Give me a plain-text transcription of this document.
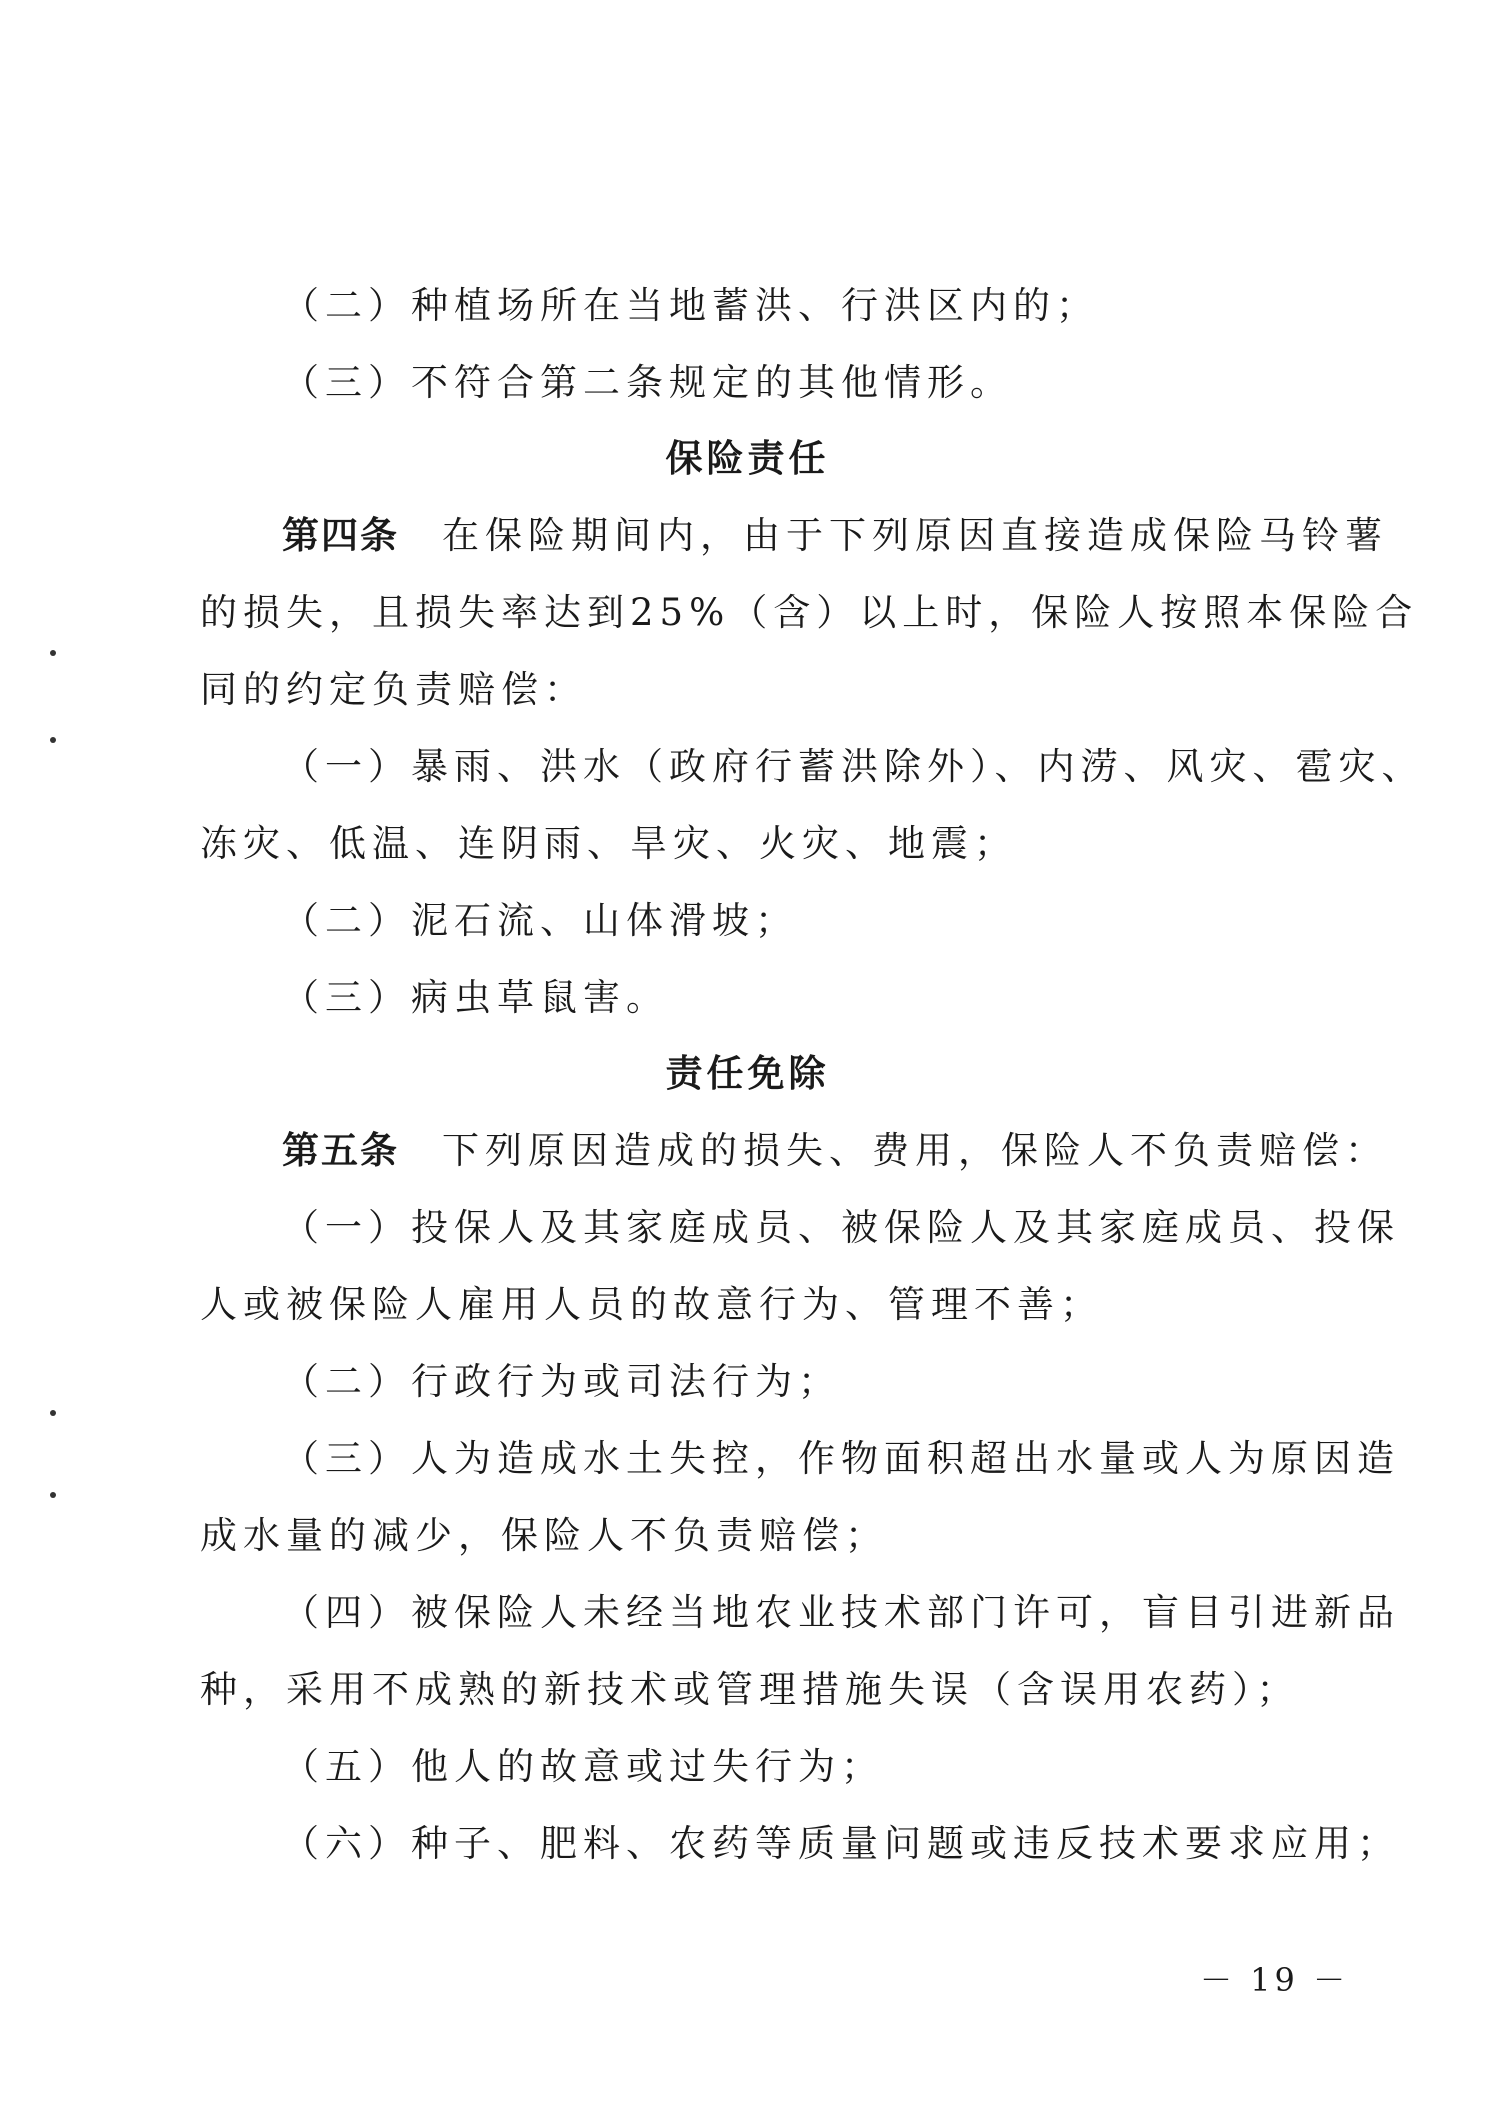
（二）种植场所在当地蓄洪、行洪区内的；
（三）不符合第二条规定的其他情形。
保险责任
第四条　在保险期间内，由于下列原因直接造成保险马铃薯
的损失，且损失率达到25%（含）以上时，保险人按照本保险合
同的约定负责赔偿：
（一）暴雨、洪水（政府行蓄洪除外）、内涝、风灾、雹灾、
冻灾、低温、连阴雨、旱灾、火灾、地震；
（二）泥石流、山体滑坡；
（三）病虫草鼠害。
责任免除
第五条　下列原因造成的损失、费用，保险人不负责赔偿：
（一）投保人及其家庭成员、被保险人及其家庭成员、投保
人或被保险人雇用人员的故意行为、管理不善；
（二）行政行为或司法行为；
（三）人为造成水土失控，作物面积超出水量或人为原因造
成水量的减少，保险人不负责赔偿；
（四）被保险人未经当地农业技术部门许可，盲目引进新品
种，采用不成熟的新技术或管理措施失误（含误用农药）；
（五）他人的故意或过失行为；
（六）种子、肥料、农药等质量问题或违反技术要求应用；
－ 19 －
